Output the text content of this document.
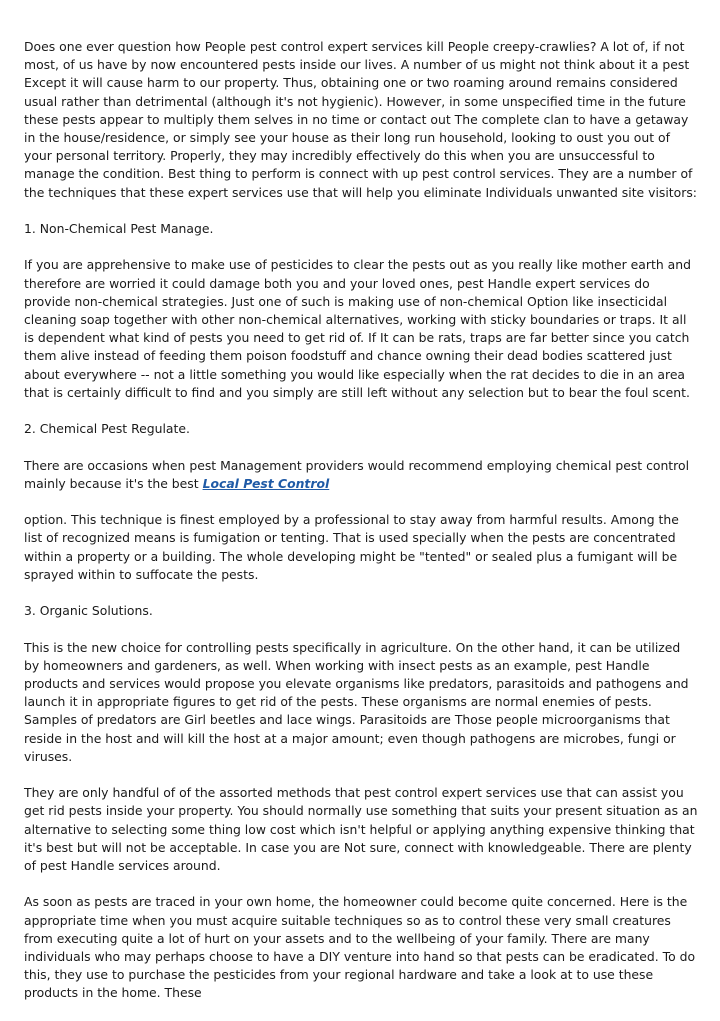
Does one ever question how People pest control expert services kill People creepy-crawlies? A lot of, if not most, of us have by now encountered pests inside our lives. A number of us might not think about it a pest Except it will cause harm to our property. Thus, obtaining one or two roaming around remains considered usual rather than detrimental (although it's not hygienic). However, in some unspecified time in the future these pests appear to multiply them selves in no time or contact out The complete clan to have a getaway in the house/residence, or simply see your house as their long run household, looking to oust you out of your personal territory. Properly, they may incredibly effectively do this when you are unsuccessful to manage the condition. Best thing to perform is connect with up pest control services. They are a number of the techniques that these expert services use that will help you eliminate Individuals unwanted site visitors:

1. Non-Chemical Pest Manage.

If you are apprehensive to make use of pesticides to clear the pests out as you really like mother earth and therefore are worried it could damage both you and your loved ones, pest Handle expert services do provide non-chemical strategies. Just one of such is making use of non-chemical Option like insecticidal cleaning soap together with other non-chemical alternatives, working with sticky boundaries or traps. It all is dependent what kind of pests you need to get rid of. If It can be rats, traps are far better since you catch them alive instead of feeding them poison foodstuff and chance owning their dead bodies scattered just about everywhere -- not a little something you would like especially when the rat decides to die in an area that is certainly difficult to find and you simply are still left without any selection but to bear the foul scent.

2. Chemical Pest Regulate.

There are occasions when pest Management providers would recommend employing chemical pest control mainly because it's the best Local Pest Control

option. This technique is finest employed by a professional to stay away from harmful results. Among the list of recognized means is fumigation or tenting. That is used specially when the pests are concentrated within a property or a building. The whole developing might be "tented" or sealed plus a fumigant will be sprayed within to suffocate the pests.

3. Organic Solutions.

This is the new choice for controlling pests specifically in agriculture. On the other hand, it can be utilized by homeowners and gardeners, as well. When working with insect pests as an example, pest Handle products and services would propose you elevate organisms like predators, parasitoids and pathogens and launch it in appropriate figures to get rid of the pests. These organisms are normal enemies of pests. Samples of predators are Girl beetles and lace wings. Parasitoids are Those people microorganisms that reside in the host and will kill the host at a major amount; even though pathogens are microbes, fungi or viruses.

They are only handful of of the assorted methods that pest control expert services use that can assist you get rid pests inside your property. You should normally use something that suits your present situation as an alternative to selecting some thing low cost which isn't helpful or applying anything expensive thinking that it's best but will not be acceptable. In case you are Not sure, connect with knowledgeable. There are plenty of pest Handle services around.

As soon as pests are traced in your own home, the homeowner could become quite concerned. Here is the appropriate time when you must acquire suitable techniques so as to control these very small creatures from executing quite a lot of hurt on your assets and to the wellbeing of your family. There are many individuals who may perhaps choose to have a DIY venture into hand so that pests can be eradicated. To do this, they use to purchase the pesticides from your regional hardware and take a look at to use these products in the home. These
